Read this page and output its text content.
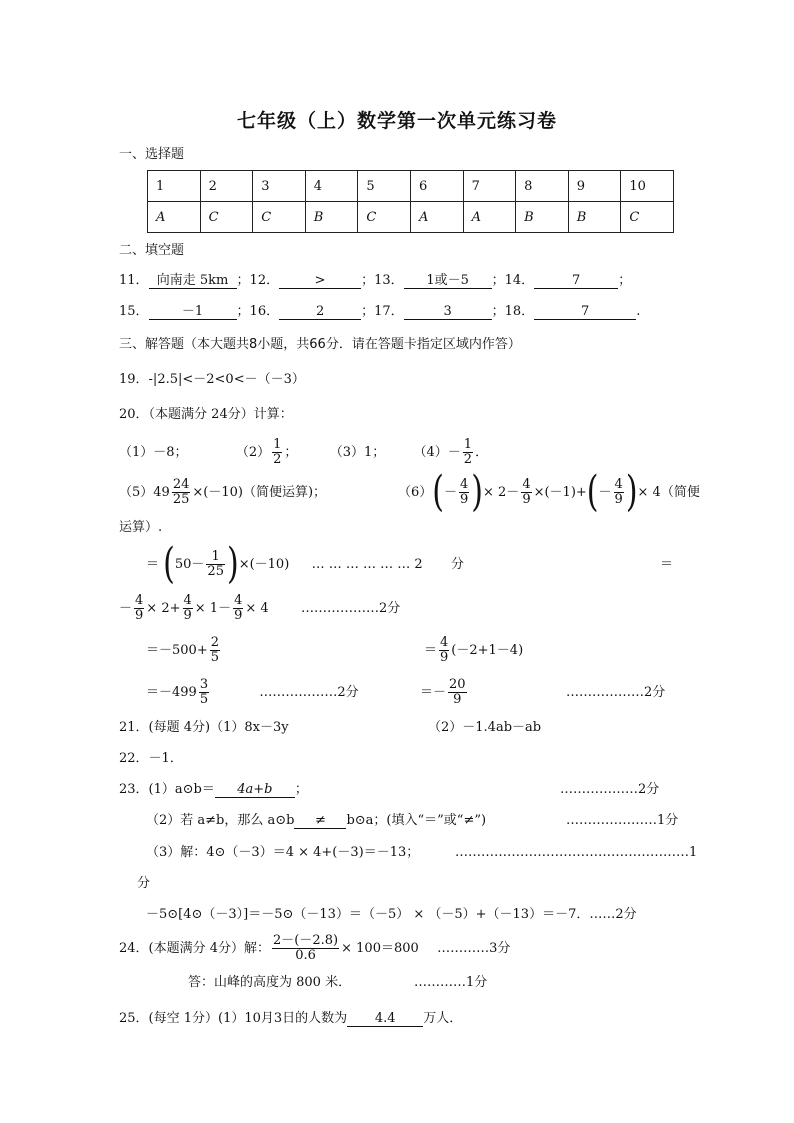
七年级（上）数学第一次单元练习卷
一、选择题
1	2	3	4	5	6	7	8	9	10
A	C	C	B	C	A	A	B	B	C
二、填空题
11． 向南走 5km ；12．	>	；13． 1或－5 ；14．	7	；
15．	－1	；16．	2	；17．	3	；18．	7	.
三、解答题（本大题共8小题，共66分．请在答题卡指定区域内作答）
19．-|2.5|<－2<0<－（－3）
20．（本题满分 24分）计算：
（1）－8；	$(2) \frac{1}{2}$ ； （3）1； $(4)- \frac{1}{2}$ ．
$(5)49 \frac{24}{25} \times(-10)$（简便运算)；	$(6)(- \frac{4}{9}$ )× $2- \frac{4}{9} \times(-1)+(- \frac{4}{9}$ )× 4（简便
运算）.
＝ $(50- \frac{1}{25} )\times(-10)$ … … … … … … 2 分	＝
－ $\frac{4}{9} \times 2+ \frac{4}{9} \times 1- \frac{4}{9} \times 4$ ………………2分
$=-500+ \frac{2}{5}$	＝ $\frac{4}{9} (-2+1-4)$
$=-499 \frac{3}{5}$	………………2分	＝－ $\frac{20}{9}$	………………2分
21．(每题 4分)（1）8x－3y	（2）－1.4ab－ab
22．－1．
23．(1）a⊙b＝ 4a+b ；	………………2分
（2）若 a≠b，那么 a⊙b ≠ b⊙a；(填入“＝”或“≠”)	…………………1分
（3）解：4⊙（－3）＝4 × 4+(－3)＝－13；	………………………………………………1
分
－5⊙[4⊙（－3）]＝－5⊙（－13）＝（－5） × （－5）+（－13）＝－7．……2分
24．(本题满分 4分）解： $\frac{2-(-2.8)}{0.6} \times 100=800$ …………3分
答：山峰的高度为 800 米．	…………1分
25．(每空 1分）(1）10月3日的人数为 4.4 万人．
